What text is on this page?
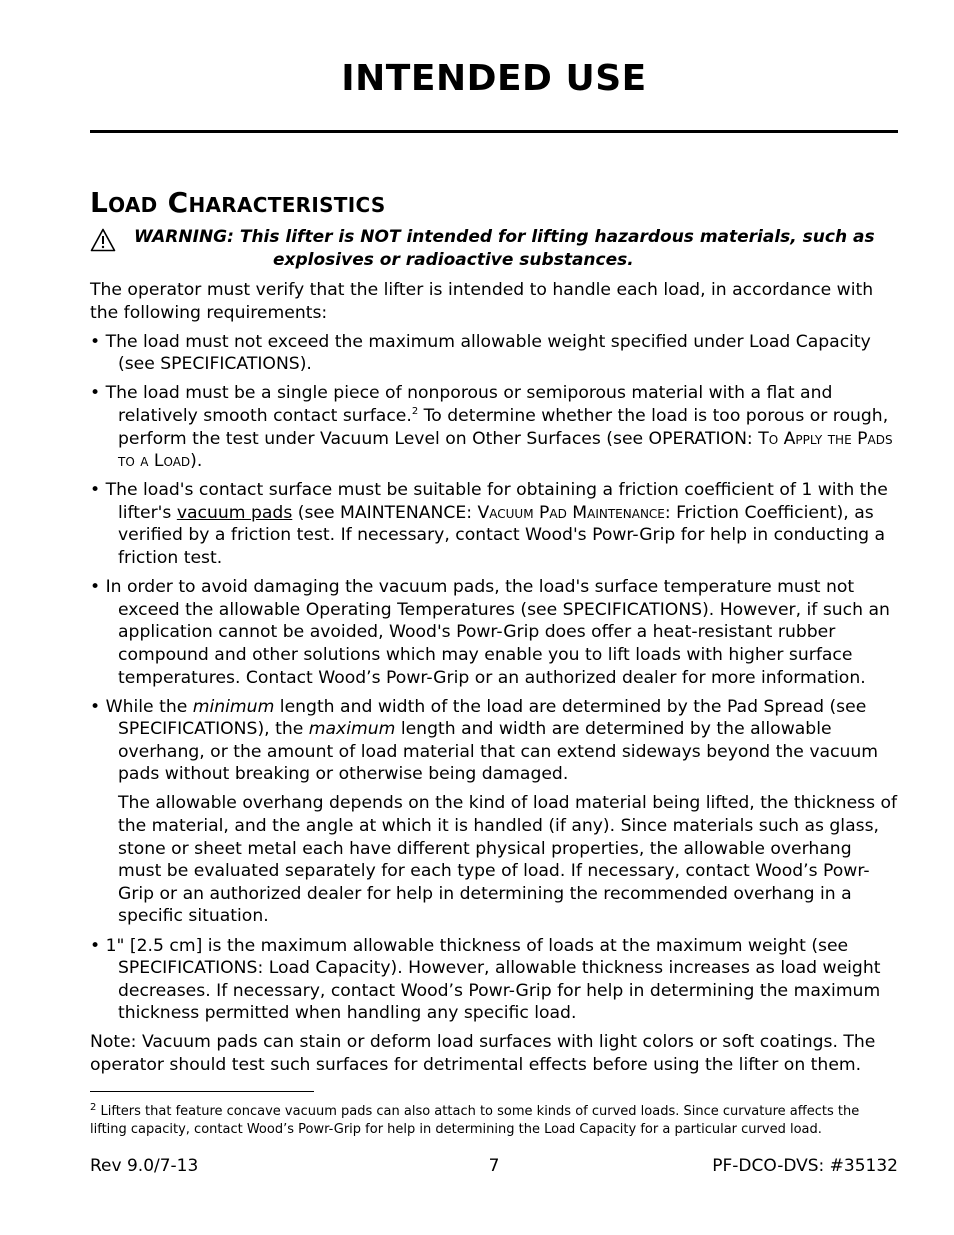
INTENDED USE
Load Characteristics
WARNING: This lifter is NOT intended for lifting hazardous materials, such as
explosives or radioactive substances.

The operator must verify that the lifter is intended to handle each load, in accordance with the following requirements:

• The load must not exceed the maximum allowable weight specified under Load Capacity (see SPECIFICATIONS).

• The load must be a single piece of nonporous or semiporous material with a flat and relatively smooth contact surface.$^2$ To determine whether the load is too porous or rough, perform the test under Vacuum Level on Other Surfaces (see OPERATION: To Apply the Pads to a Load).

• The load's contact surface must be suitable for obtaining a friction coefficient of 1 with the lifter's vacuum pads (see MAINTENANCE: Vacuum Pad Maintenance: Friction Coefficient), as verified by a friction test. If necessary, contact Wood's Powr-Grip for help in conducting a friction test.

• In order to avoid damaging the vacuum pads, the load's surface temperature must not exceed the allowable Operating Temperatures (see SPECIFICATIONS). However, if such an application cannot be avoided, Wood's Powr-Grip does offer a heat-resistant rubber compound and other solutions which may enable you to lift loads with higher surface temperatures. Contact Wood’s Powr-Grip or an authorized dealer for more information.

• While the minimum length and width of the load are determined by the Pad Spread (see SPECIFICATIONS), the maximum length and width are determined by the allowable overhang, or the amount of load material that can extend sideways beyond the vacuum pads without breaking or otherwise being damaged.

The allowable overhang depends on the kind of load material being lifted, the thickness of the material, and the angle at which it is handled (if any). Since materials such as glass, stone or sheet metal each have different physical properties, the allowable overhang must be evaluated separately for each type of load. If necessary, contact Wood’s Powr-Grip or an authorized dealer for help in determining the recommended overhang in a specific situation.

• 1" [2.5 cm] is the maximum allowable thickness of loads at the maximum weight (see SPECIFICATIONS: Load Capacity). However, allowable thickness increases as load weight decreases. If necessary, contact Wood’s Powr-Grip for help in determining the maximum thickness permitted when handling any specific load.

Note: Vacuum pads can stain or deform load surfaces with light colors or soft coatings. The operator should test such surfaces for detrimental effects before using the lifter on them.

$^2$ Lifters that feature concave vacuum pads can also attach to some kinds of curved loads. Since curvature affects the lifting capacity, contact Wood’s Powr-Grip for help in determining the Load Capacity for a particular curved load.
Rev 9.0/7-13	7	PF-DCO-DVS: #35132
